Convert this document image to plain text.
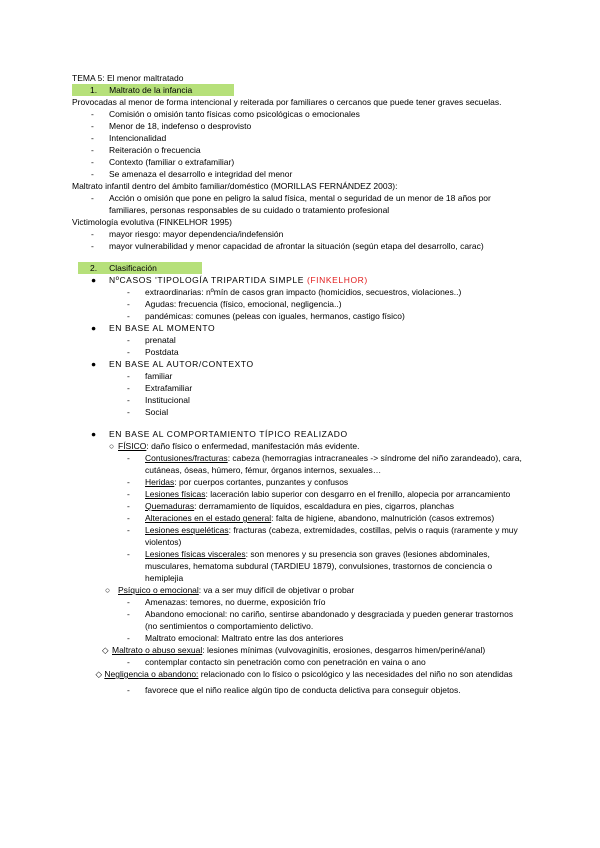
TEMA 5: El menor maltratado
1. Maltrato de la infancia
Provocadas al menor de forma intencional y reiterada por familiares o cercanos que puede tener graves secuelas.
- Comisión o omisión tanto físicas como psicológicas o emocionales
- Menor de 18, indefenso o desprovisto
- Intencionalidad
- Reiteración o frecuencia
- Contexto (familiar o extrafamiliar)
- Se amenaza el desarrollo e integridad del menor
Maltrato infantil dentro del ámbito familiar/doméstico (MORILLAS FERNÁNDEZ 2003):
- Acción o omisión que pone en peligro la salud física, mental o seguridad de un menor de 18 años por familiares, personas responsables de su cuidado o tratamiento profesional
Victimología evolutiva (FINKELHOR 1995)
- mayor riesgo: mayor dependencia/indefensión
- mayor vulnerabilidad y menor capacidad de afrontar la situación (según etapa del desarrollo, carac)
2. Clasificación
● NºCASOS 'TIPOLOGÍA TRIPARTIDA SIMPLE (FINKELHOR)
- extraordinarias: nºmín de casos gran impacto (homicidios, secuestros, violaciones..)
- Agudas: frecuencia (físico, emocional, negligencia..)
- pandémicas: comunes (peleas con iguales, hermanos, castigo físico)
● EN BASE AL MOMENTO
- prenatal
- Postdata
● EN BASE AL AUTOR/CONTEXTO
- familiar
- Extrafamiliar
- Institucional
- Social
● EN BASE AL COMPORTAMIENTO TÍPICO REALIZADO
○ FÍSICO: daño físico o enfermedad, manifestación más evidente.
- Contusiones/fracturas: cabeza (hemorragias intracraneales -> síndrome del niño zarandeado), cara, cutáneas, óseas, húmero, fémur, órganos internos, sexuales…
- Heridas: por cuerpos cortantes, punzantes y confusos
- Lesiones físicas: laceración labio superior con desgarro en el frenillo, alopecia por arrancamiento
- Quemaduras: derramamiento de líquidos, escaldadura en pies, cigarros, planchas
- Alteraciones en el estado general: falta de higiene, abandono, malnutrición (casos extremos)
- Lesiones esqueléticas: fracturas (cabeza, extremidades, costillas, pelvis o raquis (raramente y muy violentos)
- Lesiones físicas viscerales: son menores y su presencia son graves (lesiones abdominales, musculares, hematoma subdural (TARDIEU 1879), convulsiones, trastornos de conciencia o hemiplejia
○ Psíquico o emocional: va a ser muy difícil de objetivar o probar
- Amenazas: temores, no duerme, exposición frío
- Abandono emocional: no cariño, sentirse abandonado y desgraciada y pueden generar trastornos (no sentimientos o comportamiento delictivo.
- Maltrato emocional: Maltrato entre las dos anteriores
◇ Maltrato o abuso sexual: lesiones mínimas (vulvovaginitis, erosiones, desgarros himen/periné/anal)
- contemplar contacto sin penetración como con penetración en vaina o ano
◇ Negligencia o abandono: relacionado con lo físico o psicológico y las necesidades del niño no son atendidas
- favorece que el niño realice algún tipo de conducta delictiva para conseguir objetos.
